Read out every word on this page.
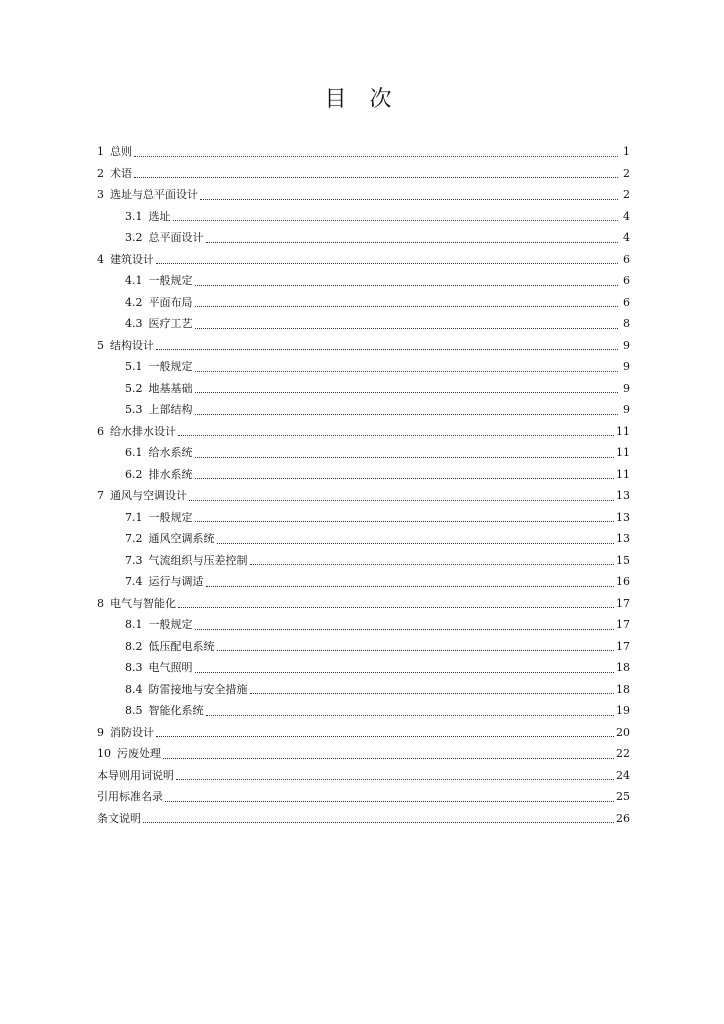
目 次
1 总则	1
2 术语	2
3 选址与总平面设计	2
3.1 选址	4
3.2 总平面设计	4
4 建筑设计	6
4.1 一般规定	6
4.2 平面布局	6
4.3 医疗工艺	8
5 结构设计	9
5.1 一般规定	9
5.2 地基基础	9
5.3 上部结构	9
6 给水排水设计	11
6.1 给水系统	11
6.2 排水系统	11
7 通风与空调设计	13
7.1 一般规定	13
7.2 通风空调系统	13
7.3 气流组织与压差控制	15
7.4 运行与调适	16
8 电气与智能化	17
8.1 一般规定	17
8.2 低压配电系统	17
8.3 电气照明	18
8.4 防雷接地与安全措施	18
8.5 智能化系统	19
9 消防设计	20
10 污废处理	22
本导则用词说明	24
引用标准名录	25
条文说明	26
